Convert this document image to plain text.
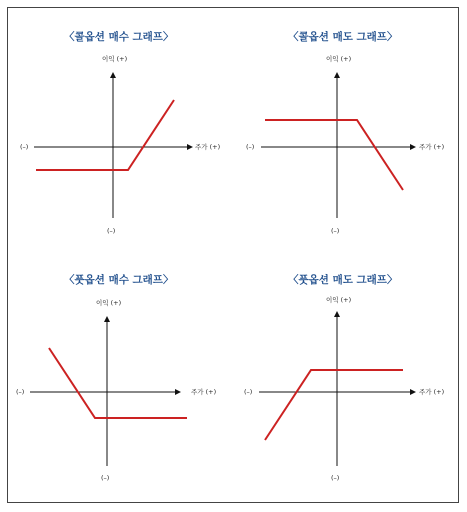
〈콜옵션 매수 그래프〉	〈콜옵션 매도 그래프〉
〈풋옵션 매수 그래프〉	〈풋옵션 매도 그래프〉
이익 (+)
주가 (+)
(–)
(–)
이익 (+)
주가 (+)
(–)
(–)
이익 (+)
주가 (+)
(–)
(–)
이익 (+)
주가 (+)
(–)
(–)
